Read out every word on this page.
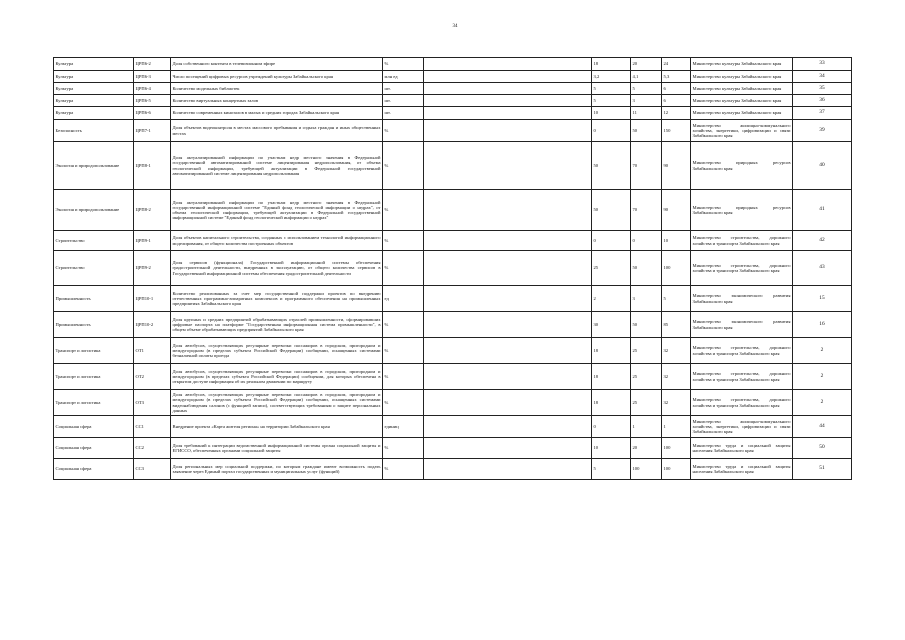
34
Культура	ЦРП6-2	Доля собственного контента в телевизионном эфире	%		18	20	24	Министерство культуры Забайкальского края	33
Культура	ЦРП6-3	Число посещений цифровых ресурсов учреждений культуры Забайкальского края	млн ед		3,2	4,1	5,3	Министерство культуры Забайкальского края	34
Культура	ЦРП6-4	Количество модельных библиотек	шт.		5	5	6	Министерство культуры Забайкальского края	35
Культура	ЦРП6-5	Количество виртуальных концертных залов	шт.		5	3	6	Министерство культуры Забайкальского края	36
Культура	ЦРП6-6	Количество современных кинозалов в малых и средних городах Забайкальского края	шт.		10	11	12	Министерство культуры Забайкальского края	37
Безопасность	ЦРП7-1	Доля объектов видеоконтроля в местах массового пребывания и оздыха граждан и иных общественных местах	%		0	50	150	Министерство жилищно-коммунального хозяйства, энергетики, цифровизации и связи Забайкальского края	39
Экология и природопользование	ЦРП8-1	Доля актуализированной информации по участкам недр местного значения в Федеральной государственной автоматизированной системе лицензирования недропользования, от объема геологической информации, требующей актуализации в Федеральной государственной автоматизированной системе лицензирования недропользования	%		50	70	90	Министерство природных ресурсов Забайкальского края	40
Экология и природопользование	ЦРП8-2	Доля актуализированной информации по участкам недр местного значения в Федеральной государственной информационной системе "Единый фонд геологической информации о недрах", от объема геологической информации, требующей актуализации в Федеральной государственной информационной системе "Единый фонд геологической информации о недрах"	%		50	70	90	Министерство природных ресурсов Забайкальского края	41
Строительство	ЦРП9-1	Доля объектов капитального строительства, созданных с использованием технологий информационного моделирования, от общего количества построенных объектов	%		0	0	10	Министерство строительства, дорожного хозяйства и транспорта Забайкальского края	42
Строительство	ЦРП9-2	Доля сервисов (функционала) Государственной информационной системы обеспечения градостроительной деятельности, внедренных в эксплуатацию, от общего количества сервисов в Государственной информационной системы обеспечения градостроительной деятельности	%		25	50	100	Министерство строительства, дорожного хозяйства и транспорта Забайкальского края	43
Промышленность	ЦРП10-1	Количество реализованных за счет мер государственной поддержки проектов по внедрению отечественных программно-аппаратных комплексов и программного обеспечения на промышленных предприятиях Забайкальского края	ед		2	3	5	Министерство экономического развития Забайкальского края	15
Промышленность	ЦРП10-2	Доля крупных и средних предприятий обрабатывающих отраслей промышленности, сформировавших цифровые паспорта на платформе "Государственная информационная система промышленности", в общем объеме обрабатывающих предприятий Забайкальского края	%		30	50	85	Министерство экономического развития Забайкальского края	16
Транспорт и логистика	ОТ1	Доля автобусов, осуществляющих регулярные перевозки пассажиров в городском, пригородном и междугородном (в пределах субъекта Российской Федерации) сообщении, оснащенных системами безналичной оплаты проезда	%		18	25	32	Министерство строительства, дорожного хозяйства и транспорта Забайкальского края	2
Транспорт и логистика	ОТ2	Доля автобусов, осуществляющих регулярные перевозки пассажиров в городском, пригородном и междугородном (в пределах субъекта Российской Федерации) сообщении, для которых обеспечена в открытом доступе информация об их реальном движении по маршруту	%		18	25	32	Министерство строительства, дорожного хозяйства и транспорта Забайкальского края	2
Транспорт и логистика	ОТ3	Доля автобусов, осуществляющих регулярные перевозки пассажиров в городском, пригородном и междугородном (в пределах субъекта Российской Федерации) сообщении, оснащенных системами видеонаблюдения салонов (с функцией записи), соответствующих требованиям о защите персональных данных	%		18	25	32	Министерство строительства, дорожного хозяйства и транспорта Забайкальского края	2
Социальная сфера	СС1	Внедрение проекта «Карта жителя региона» на территории Забайкальского края	единиц		0	1	1	Министерство жилищно-коммунального хозяйства, энергетики, цифровизации и связи Забайкальского края	44
Социальная сфера	СС2	Доля требований к интеграции ведомственной информационной системы органа социальной защиты и ЕГИССО, обеспеченных органами социальной защиты	%		10	20	100	Министерство труда и социальной защиты населения Забайкальского края	50
Социальная сфера	СС3	Доля региональных мер социальной поддержки, по которым граждане имеют возможность подать заявление через Единый портал государственных и муниципальных услуг (функций)	%		5	100	100	Министерство труда и социальной защиты населения Забайкальского края	51
